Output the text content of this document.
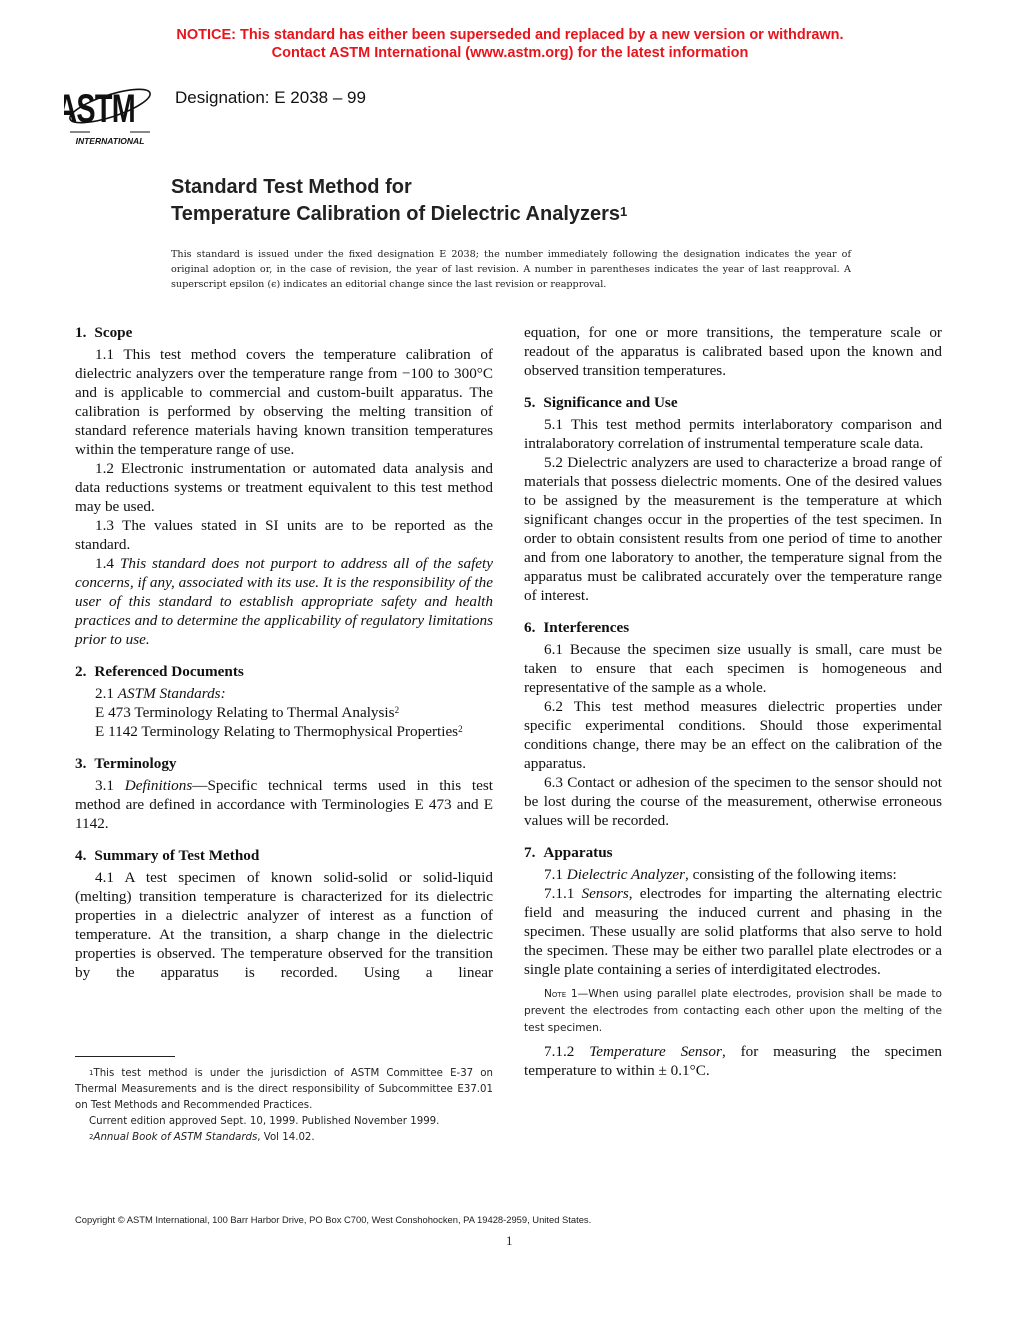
NOTICE: This standard has either been superseded and replaced by a new version or withdrawn.
Contact ASTM International (www.astm.org) for the latest information
ASTM
INTERNATIONAL
Designation: E 2038 – 99
Standard Test Method for
Temperature Calibration of Dielectric Analyzers$^1$
This standard is issued under the fixed designation E 2038; the number immediately following the designation indicates the year of original adoption or, in the case of revision, the year of last revision. A number in parentheses indicates the year of last reapproval. A superscript epsilon (ϵ) indicates an editorial change since the last revision or reapproval.
1. Scope

1.1 This test method covers the temperature calibration of dielectric analyzers over the temperature range from −100 to 300°C and is applicable to commercial and custom-built apparatus. The calibration is performed by observing the melting transition of standard reference materials having known transition temperatures within the temperature range of use.

1.2 Electronic instrumentation or automated data analysis and data reductions systems or treatment equivalent to this test method may be used.

1.3 The values stated in SI units are to be reported as the standard.

1.4 This standard does not purport to address all of the safety concerns, if any, associated with its use. It is the responsibility of the user of this standard to establish appropriate safety and health practices and to determine the applicability of regulatory limitations prior to use.

2. Referenced Documents

2.1 ASTM Standards:

E 473 Terminology Relating to Thermal Analysis$^2$

E 1142 Terminology Relating to Thermophysical Properties$^2$

3. Terminology

3.1 Definitions—Specific technical terms used in this test method are defined in accordance with Terminologies E 473 and E 1142.

4. Summary of Test Method

4.1 A test specimen of known solid-solid or solid-liquid (melting) transition temperature is characterized for its dielectric properties in a dielectric analyzer of interest as a function of temperature. At the transition, a sharp change in the dielectric properties is observed. The temperature observed for the transition by the apparatus is recorded. Using a linear

equation, for one or more transitions, the temperature scale or readout of the apparatus is calibrated based upon the known and observed transition temperatures.

5. Significance and Use

5.1 This test method permits interlaboratory comparison and intralaboratory correlation of instrumental temperature scale data.

5.2 Dielectric analyzers are used to characterize a broad range of materials that possess dielectric moments. One of the desired values to be assigned by the measurement is the temperature at which significant changes occur in the properties of the test specimen. In order to obtain consistent results from one period of time to another and from one laboratory to another, the temperature signal from the apparatus must be calibrated accurately over the temperature range of interest.

6. Interferences

6.1 Because the specimen size usually is small, care must be taken to ensure that each specimen is homogeneous and representative of the sample as a whole.

6.2 This test method measures dielectric properties under specific experimental conditions. Should those experimental conditions change, there may be an effect on the calibration of the apparatus.

6.3 Contact or adhesion of the specimen to the sensor should not be lost during the course of the measurement, otherwise erroneous values will be recorded.

7. Apparatus

7.1 Dielectric Analyzer, consisting of the following items:

7.1.1 Sensors, electrodes for imparting the alternating electric field and measuring the induced current and phasing in the specimen. These usually are solid platforms that also serve to hold the specimen. These may be either two parallel plate electrodes or a single plate containing a series of interdigitated electrodes.

Note 1—When using parallel plate electrodes, provision shall be made to prevent the electrodes from contacting each other upon the melting of the test specimen.

7.1.2 Temperature Sensor, for measuring the specimen temperature to within ± 0.1°C.

$^1$This test method is under the jurisdiction of ASTM Committee E-37 on Thermal Measurements and is the direct responsibility of Subcommittee E37.01 on Test Methods and Recommended Practices.

Current edition approved Sept. 10, 1999. Published November 1999.

$^2$Annual Book of ASTM Standards, Vol 14.02.

Copyright © ASTM International, 100 Barr Harbor Drive, PO Box C700, West Conshohocken, PA 19428-2959, United States.
1
